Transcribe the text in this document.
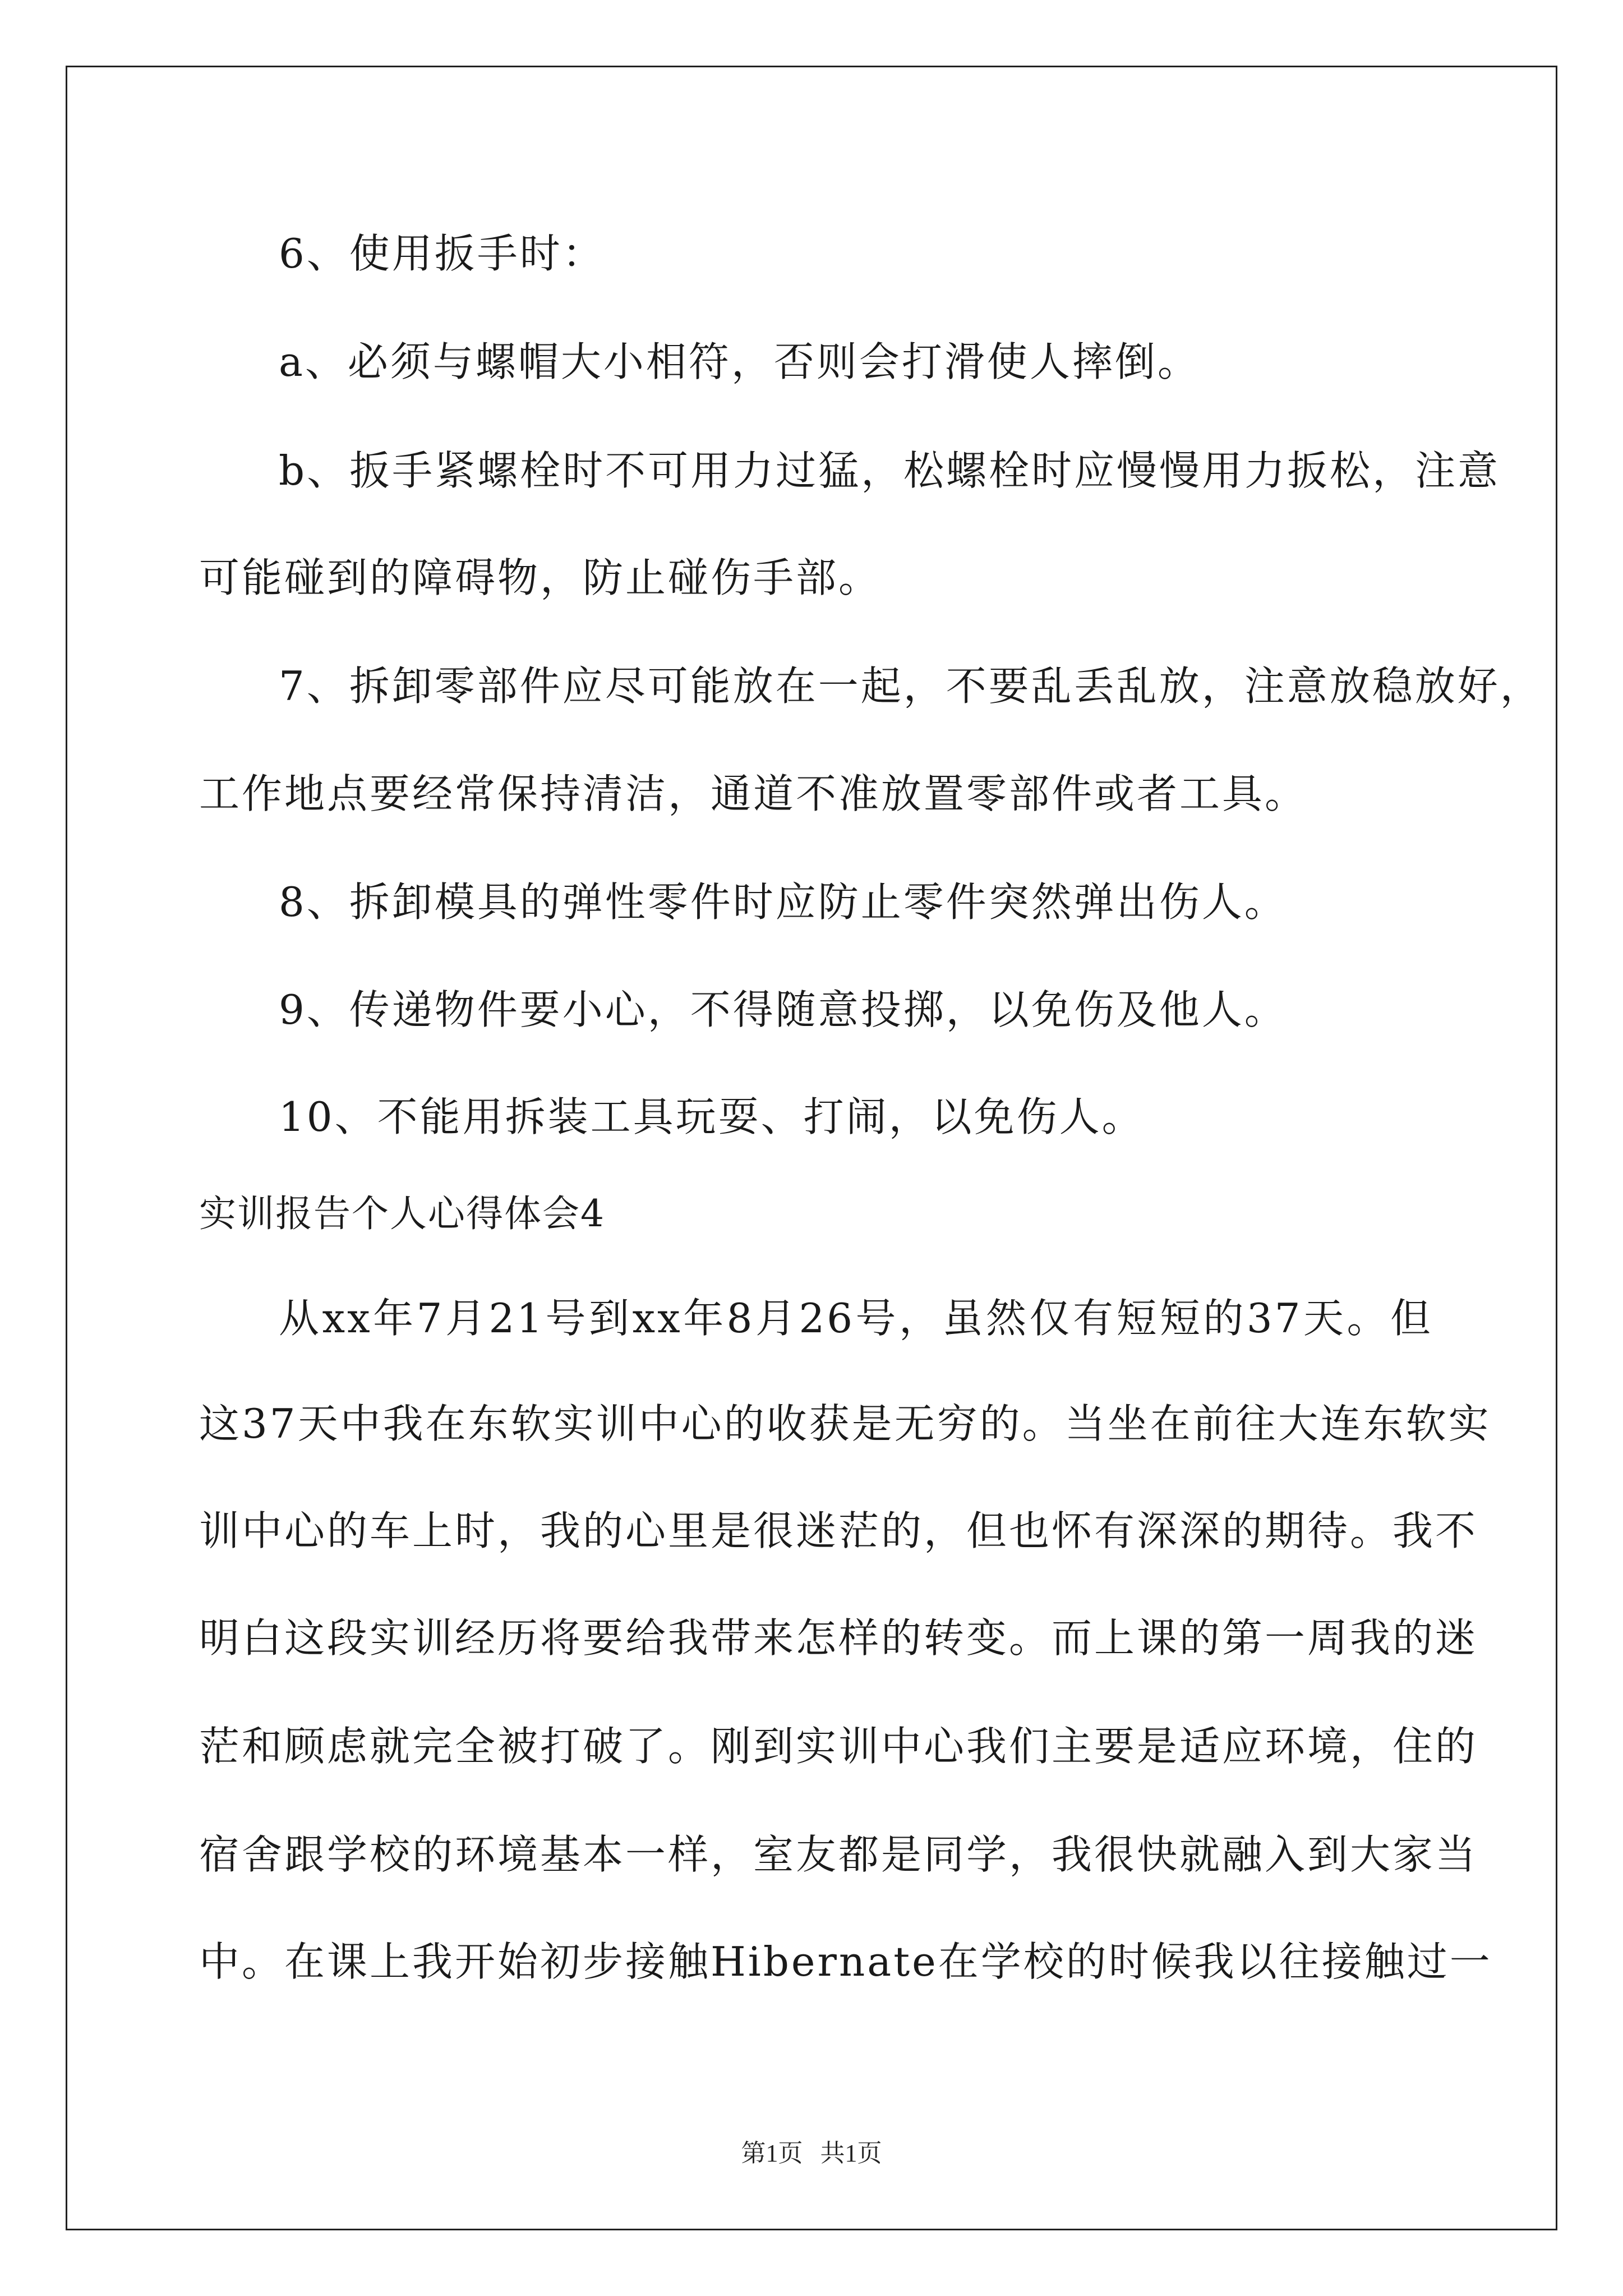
6、使用扳手时：
a、必须与螺帽大小相符，否则会打滑使人摔倒。
b、扳手紧螺栓时不可用力过猛，松螺栓时应慢慢用力扳松，注意
可能碰到的障碍物，防止碰伤手部。
7、拆卸零部件应尽可能放在一起，不要乱丢乱放，注意放稳放好，
工作地点要经常保持清洁，通道不准放置零部件或者工具。
8、拆卸模具的弹性零件时应防止零件突然弹出伤人。
9、传递物件要小心，不得随意投掷，以免伤及他人。
10、不能用拆装工具玩耍、打闹，以免伤人。
实训报告个人心得体会4
从xx年7月21号到xx年8月26号，虽然仅有短短的37天。但
这37天中我在东软实训中心的收获是无穷的。当坐在前往大连东软实
训中心的车上时，我的心里是很迷茫的，但也怀有深深的期待。我不
明白这段实训经历将要给我带来怎样的转变。而上课的第一周我的迷
茫和顾虑就完全被打破了。刚到实训中心我们主要是适应环境，住的
宿舍跟学校的环境基本一样，室友都是同学，我很快就融入到大家当
中。在课上我开始初步接触Hibernate在学校的时候我以往接触过一
第1页 共1页
